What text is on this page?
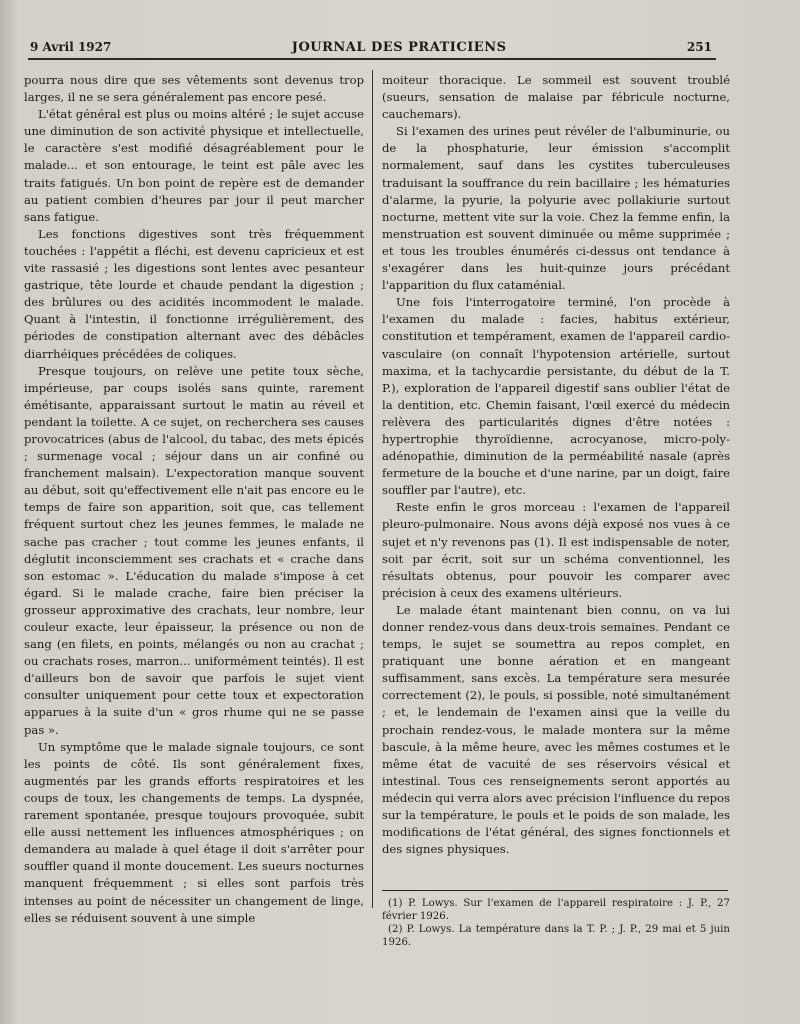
9 Avril 1927	JOURNAL DES PRATICIENS	251

pourra nous dire que ses vêtements sont devenus trop larges, il ne se sera généralement pas encore pesé.

L'état général est plus ou moins altéré ; le sujet accuse une diminution de son activité physique et intellectuelle, le caractère s'est modifié désagréablement pour le malade... et son entourage, le teint est pâle avec les traits fatigués. Un bon point de repère est de demander au patient combien d'heures par jour il peut marcher sans fatigue.

Les fonctions digestives sont très fréquemment touchées : l'appétit a fléchi, est devenu capricieux et est vite rassasié ; les digestions sont lentes avec pesanteur gastrique, tête lourde et chaude pendant la digestion ; des brûlures ou des acidités incommodent le malade. Quant à l'intestin, il fonctionne irrégulièrement, des périodes de constipation alternant avec des débâcles diarrhéiques précédées de coliques.

Presque toujours, on relève une petite toux sèche, impérieuse, par coups isolés sans quinte, rarement émétisante, apparaissant surtout le matin au réveil et pendant la toilette. A ce sujet, on recherchera ses causes provocatrices (abus de l'alcool, du tabac, des mets épicés ; surmenage vocal ; séjour dans un air confiné ou franchement malsain). L'expectoration manque souvent au début, soit qu'effectivement elle n'ait pas encore eu le temps de faire son apparition, soit que, cas tellement fréquent surtout chez les jeunes femmes, le malade ne sache pas cracher ; tout comme les jeunes enfants, il déglutit inconsciemment ses crachats et « crache dans son estomac ». L'éducation du malade s'impose à cet égard. Si le malade crache, faire bien préciser la grosseur approximative des crachats, leur nombre, leur couleur exacte, leur épaisseur, la présence ou non de sang (en filets, en points, mélangés ou non au crachat ; ou crachats roses, marron... uniformément teintés). Il est d'ailleurs bon de savoir que parfois le sujet vient consulter uniquement pour cette toux et expectoration apparues à la suite d'un « gros rhume qui ne se passe pas ».

Un symptôme que le malade signale toujours, ce sont les points de côté. Ils sont généralement fixes, augmentés par les grands efforts respiratoires et les coups de toux, les changements de temps. La dyspnée, rarement spontanée, presque toujours provoquée, subit elle aussi nettement les influences atmosphériques ; on demandera au malade à quel étage il doit s'arrêter pour souffler quand il monte doucement. Les sueurs nocturnes manquent fréquemment ; si elles sont parfois très intenses au point de nécessiter un changement de linge, elles se réduisent souvent à une simple

moiteur thoracique. Le sommeil est souvent troublé (sueurs, sensation de malaise par fébricule nocturne, cauchemars).

Si l'examen des urines peut révéler de l'albuminurie, ou de la phosphaturie, leur émission s'accomplit normalement, sauf dans les cystites tuberculeuses traduisant la souffrance du rein bacillaire ; les hématuries d'alarme, la pyurie, la polyurie avec pollakiurie surtout nocturne, mettent vite sur la voie. Chez la femme enfin, la menstruation est souvent diminuée ou même supprimée ; et tous les troubles énumérés ci-dessus ont tendance à s'exagérer dans les huit-quinze jours précédant l'apparition du flux cataménial.

Une fois l'interrogatoire terminé, l'on procède à l'examen du malade : facies, habitus extérieur, constitution et tempérament, examen de l'appareil cardio-vasculaire (on connaît l'hypotension artérielle, surtout maxima, et la tachycardie persistante, du début de la T. P.), exploration de l'appareil digestif sans oublier l'état de la dentition, etc. Chemin faisant, l'œil exercé du médecin relèvera des particularités dignes d'être notées : hypertrophie thyroïdienne, acrocyanose, micro-poly-adénopathie, diminution de la perméabilité nasale (après fermeture de la bouche et d'une narine, par un doigt, faire souffler par l'autre), etc.

Reste enfin le gros morceau : l'examen de l'appareil pleuro-pulmonaire. Nous avons déjà exposé nos vues à ce sujet et n'y revenons pas (1). Il est indispensable de noter, soit par écrit, soit sur un schéma conventionnel, les résultats obtenus, pour pouvoir les comparer avec précision à ceux des examens ultérieurs.

Le malade étant maintenant bien connu, on va lui donner rendez-vous dans deux-trois semaines. Pendant ce temps, le sujet se soumettra au repos complet, en pratiquant une bonne aération et en mangeant suffisamment, sans excès. La température sera mesurée correctement (2), le pouls, si possible, noté simultanément ; et, le lendemain de l'examen ainsi que la veille du prochain rendez-vous, le malade montera sur la même bascule, à la même heure, avec les mêmes costumes et le même état de vacuité de ses réservoirs vésical et intestinal. Tous ces renseignements seront apportés au médecin qui verra alors avec précision l'influence du repos sur la température, le pouls et le poids de son malade, les modifications de l'état général, des signes fonctionnels et des signes physiques.

(1) P. Lowys. Sur l'examen de l'appareil respiratoire : J. P., 27 février 1926.

(2) P. Lowys. La température dans la T. P. ; J. P., 29 mai et 5 juin 1926.
